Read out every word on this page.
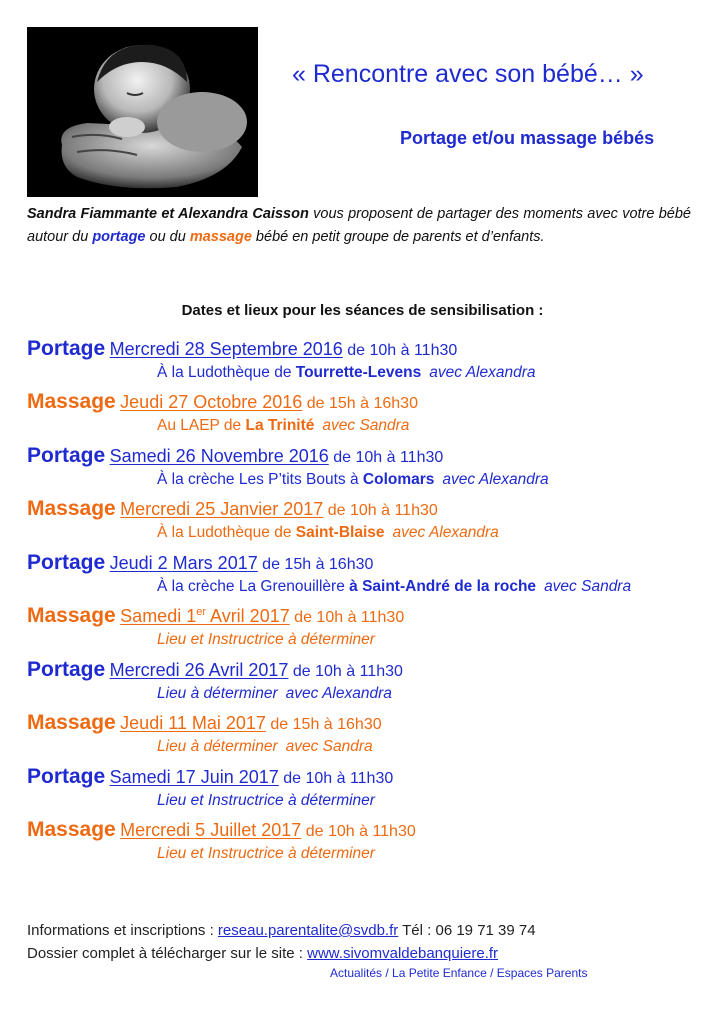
« Rencontre avec son bébé… »
Portage et/ou massage bébés
Sandra Fiammante et Alexandra Caisson vous proposent de partager des moments avec votre bébé autour du portage ou du massage bébé en petit groupe de parents et d’enfants.
Dates et lieux pour les séances de sensibilisation :
Portage Mercredi 28 Septembre 2016 de 10h à 11h30
À la Ludothèque de Tourrette-Levens avec Alexandra
Massage Jeudi 27 Octobre 2016 de 15h à 16h30
Au LAEP de La Trinité avec Sandra
Portage Samedi 26 Novembre 2016 de 10h à 11h30
À la crèche Les P’tits Bouts à Colomars avec Alexandra
Massage Mercredi 25 Janvier 2017 de 10h à 11h30
À la Ludothèque de Saint-Blaise avec Alexandra
Portage Jeudi 2 Mars 2017 de 15h à 16h30
À la crèche La Grenouillère à Saint-André de la roche avec Sandra
Massage Samedi 1er Avril 2017 de 10h à 11h30
Lieu et Instructrice à déterminer
Portage Mercredi 26 Avril 2017 de 10h à 11h30
Lieu à déterminer avec Alexandra
Massage Jeudi 11 Mai 2017 de 15h à 16h30
Lieu à déterminer avec Sandra
Portage Samedi 17 Juin 2017 de 10h à 11h30
Lieu et Instructrice à déterminer
Massage Mercredi 5 Juillet 2017 de 10h à 11h30
Lieu et Instructrice à déterminer
Informations et inscriptions : reseau.parentalite@svdb.fr Tél : 06 19 71 39 74
Dossier complet à télécharger sur le site : www.sivomvaldebanquiere.fr
Actualités / La Petite Enfance / Espaces Parents
